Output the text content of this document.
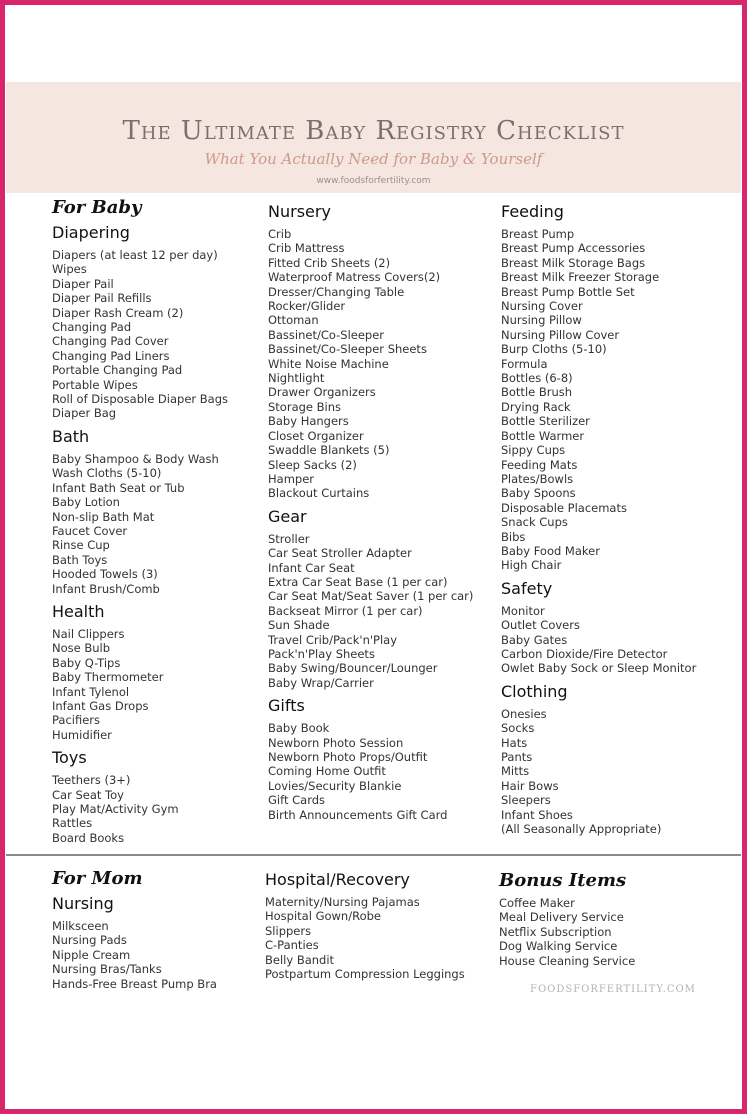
The Ultimate Baby Registry Checklist
What You Actually Need for Baby & Yourself
www.foodsforfertility.com
For Baby
Diapering
Diapers (at least 12 per day)
Wipes
Diaper Pail
Diaper Pail Refills
Diaper Rash Cream (2)
Changing Pad
Changing Pad Cover
Changing Pad Liners
Portable Changing Pad
Portable Wipes
Roll of Disposable Diaper Bags
Diaper Bag
Bath
Baby Shampoo & Body Wash
Wash Cloths (5-10)
Infant Bath Seat or Tub
Baby Lotion
Non-slip Bath Mat
Faucet Cover
Rinse Cup
Bath Toys
Hooded Towels (3)
Infant Brush/Comb
Health
Nail Clippers
Nose Bulb
Baby Q-Tips
Baby Thermometer
Infant Tylenol
Infant Gas Drops
Pacifiers
Humidifier
Toys
Teethers (3+)
Car Seat Toy
Play Mat/Activity Gym
Rattles
Board Books
Nursery
Crib
Crib Mattress
Fitted Crib Sheets (2)
Waterproof Matress Covers(2)
Dresser/Changing Table
Rocker/Glider
Ottoman
Bassinet/Co-Sleeper
Bassinet/Co-Sleeper Sheets
White Noise Machine
Nightlight
Drawer Organizers
Storage Bins
Baby Hangers
Closet Organizer
Swaddle Blankets (5)
Sleep Sacks (2)
Hamper
Blackout Curtains
Gear
Stroller
Car Seat Stroller Adapter
Infant Car Seat
Extra Car Seat Base (1 per car)
Car Seat Mat/Seat Saver (1 per car)
Backseat Mirror (1 per car)
Sun Shade
Travel Crib/Pack'n'Play
Pack'n'Play Sheets
Baby Swing/Bouncer/Lounger
Baby Wrap/Carrier
Gifts
Baby Book
Newborn Photo Session
Newborn Photo Props/Outfit
Coming Home Outfit
Lovies/Security Blankie
Gift Cards
Birth Announcements Gift Card
Feeding
Breast Pump
Breast Pump Accessories
Breast Milk Storage Bags
Breast Milk Freezer Storage
Breast Pump Bottle Set
Nursing Cover
Nursing Pillow
Nursing Pillow Cover
Burp Cloths (5-10)
Formula
Bottles (6-8)
Bottle Brush
Drying Rack
Bottle Sterilizer
Bottle Warmer
Sippy Cups
Feeding Mats
Plates/Bowls
Baby Spoons
Disposable Placemats
Snack Cups
Bibs
Baby Food Maker
High Chair
Safety
Monitor
Outlet Covers
Baby Gates
Carbon Dioxide/Fire Detector
Owlet Baby Sock or Sleep Monitor
Clothing
Onesies
Socks
Hats
Pants
Mitts
Hair Bows
Sleepers
Infant Shoes
(All Seasonally Appropriate)
For Mom
Nursing
Milksceen
Nursing Pads
Nipple Cream
Nursing Bras/Tanks
Hands-Free Breast Pump Bra
Hospital/Recovery
Maternity/Nursing Pajamas
Hospital Gown/Robe
Slippers
C-Panties
Belly Bandit
Postpartum Compression Leggings
Bonus Items
Coffee Maker
Meal Delivery Service
Netflix Subscription
Dog Walking Service
House Cleaning Service
FOODSFORFERTILITY.COM
